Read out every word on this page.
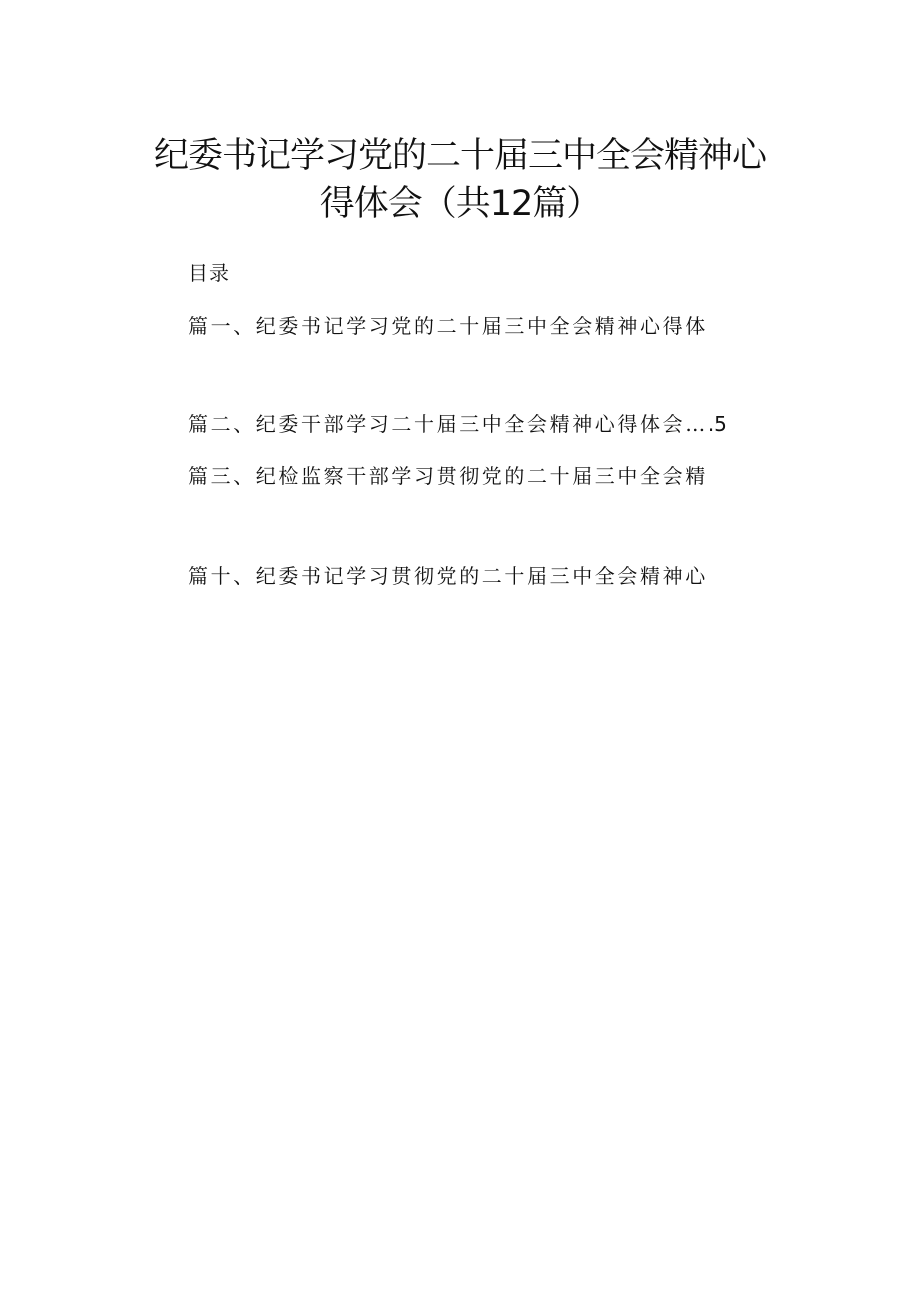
纪委书记学习党的二十届三中全会精神心
得体会（共12篇）
目录
篇一、纪委书记学习党的二十届三中全会精神心得体
篇二、纪委干部学习二十届三中全会精神心得体会….5
篇三、纪检监察干部学习贯彻党的二十届三中全会精
篇十、纪委书记学习贯彻党的二十届三中全会精神心
